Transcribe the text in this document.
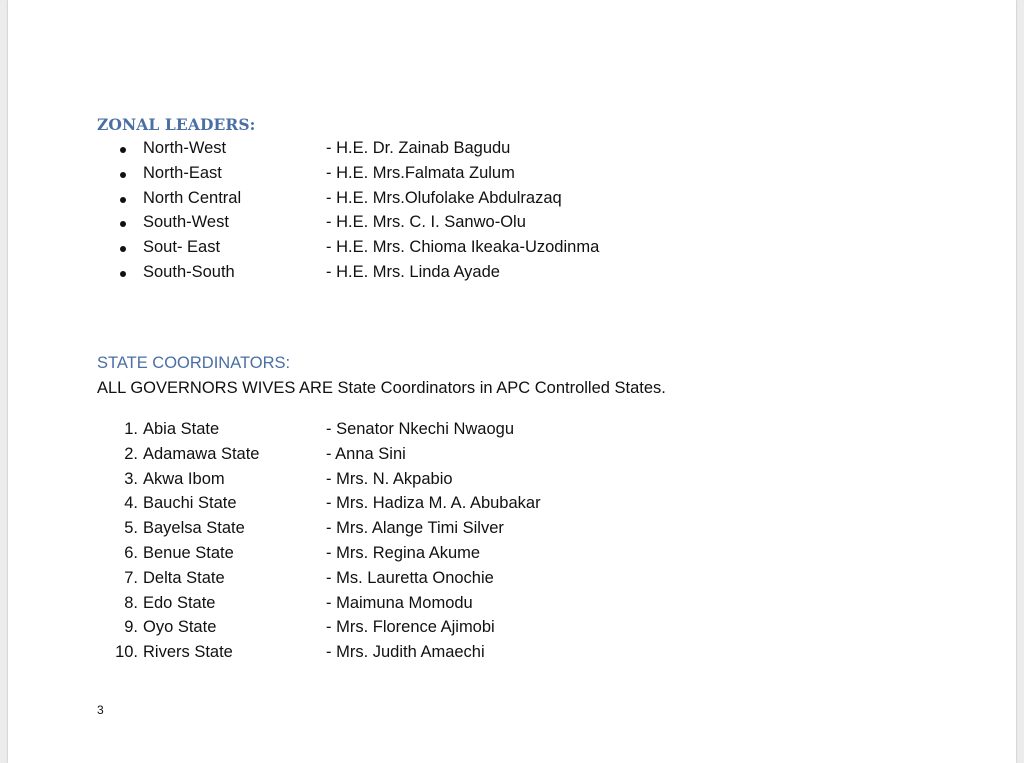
ZONAL LEADERS:
North-West	- H.E. Dr. Zainab Bagudu
North-East	- H.E. Mrs.Falmata Zulum
North Central	- H.E. Mrs.Olufolake Abdulrazaq
South-West	- H.E. Mrs. C. I. Sanwo-Olu
Sout- East	- H.E. Mrs. Chioma Ikeaka-Uzodinma
South-South	- H.E. Mrs. Linda Ayade
STATE COORDINATORS:
ALL GOVERNORS WIVES ARE State Coordinators in APC Controlled States.
1. Abia State	- Senator Nkechi Nwaogu
2. Adamawa State	- Anna Sini
3. Akwa Ibom	- Mrs. N. Akpabio
4. Bauchi State	- Mrs. Hadiza M. A. Abubakar
5. Bayelsa State	- Mrs. Alange Timi Silver
6. Benue State	- Mrs. Regina Akume
7. Delta State	- Ms. Lauretta Onochie
8. Edo State	- Maimuna Momodu
9. Oyo State	- Mrs. Florence Ajimobi
10. Rivers State	- Mrs. Judith Amaechi
3
